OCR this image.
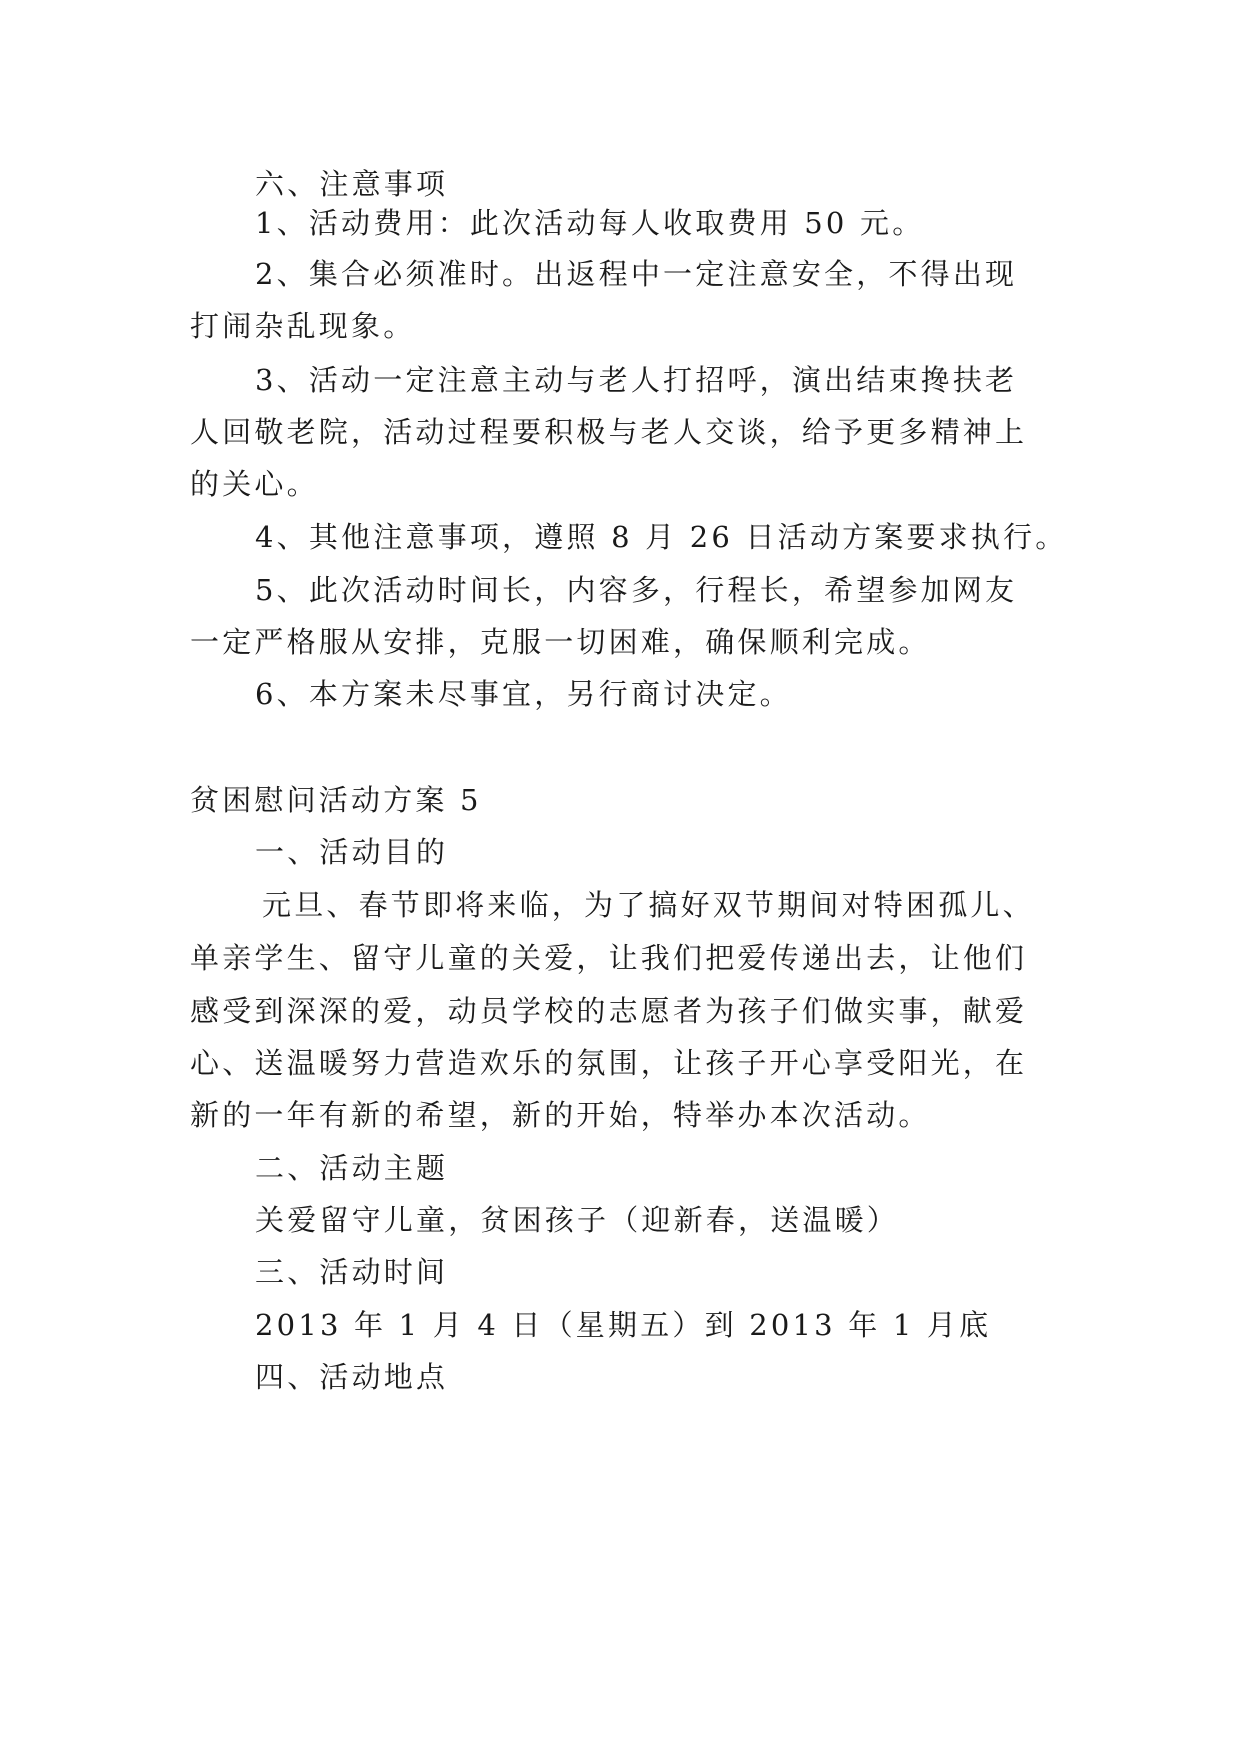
六、注意事项
1、活动费用：此次活动每人收取费用 50 元。
2、集合必须准时。出返程中一定注意安全，不得出现
打闹杂乱现象。
3、活动一定注意主动与老人打招呼，演出结束搀扶老
人回敬老院，活动过程要积极与老人交谈，给予更多精神上
的关心。
4、其他注意事项，遵照 8 月 26 日活动方案要求执行。
5、此次活动时间长，内容多，行程长，希望参加网友
一定严格服从安排，克服一切困难，确保顺利完成。
6、本方案未尽事宜，另行商讨决定。
贫困慰问活动方案 5
一、活动目的
元旦、春节即将来临，为了搞好双节期间对特困孤儿、
单亲学生、留守儿童的关爱，让我们把爱传递出去，让他们
感受到深深的爱，动员学校的志愿者为孩子们做实事，献爱
心、送温暖努力营造欢乐的氛围，让孩子开心享受阳光，在
新的一年有新的希望，新的开始，特举办本次活动。
二、活动主题
关爱留守儿童，贫困孩子（迎新春，送温暖）
三、活动时间
2013 年 1 月 4 日（星期五）到 2013 年 1 月底
四、活动地点
